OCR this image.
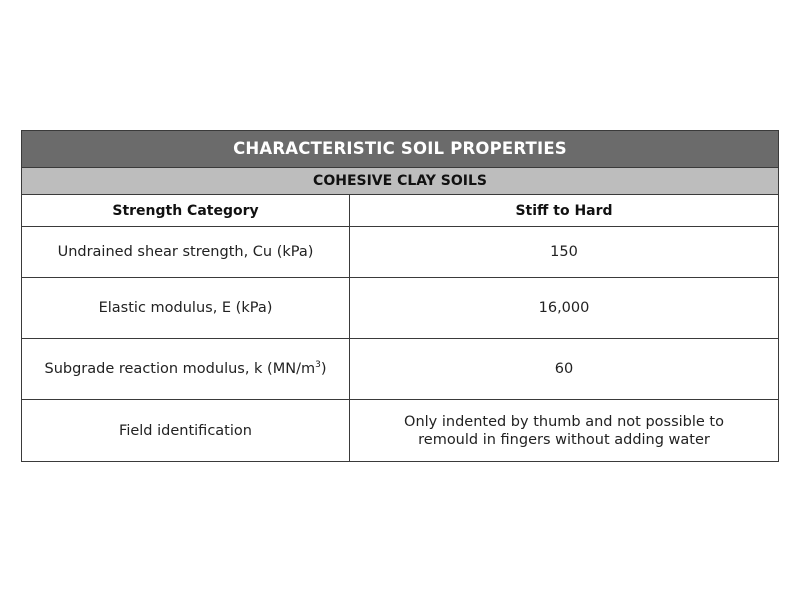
CHARACTERISTIC SOIL PROPERTIES	
COHESIVE CLAY SOILS	
Strength Category	Stiff to Hard
Undrained shear strength, Cu (kPa)	150
Elastic modulus, E (kPa)	16,000
Subgrade reaction modulus, k $(MN/m^3)$	60
Field identification	Only indented by thumb and not possible to remould in fingers without adding water
